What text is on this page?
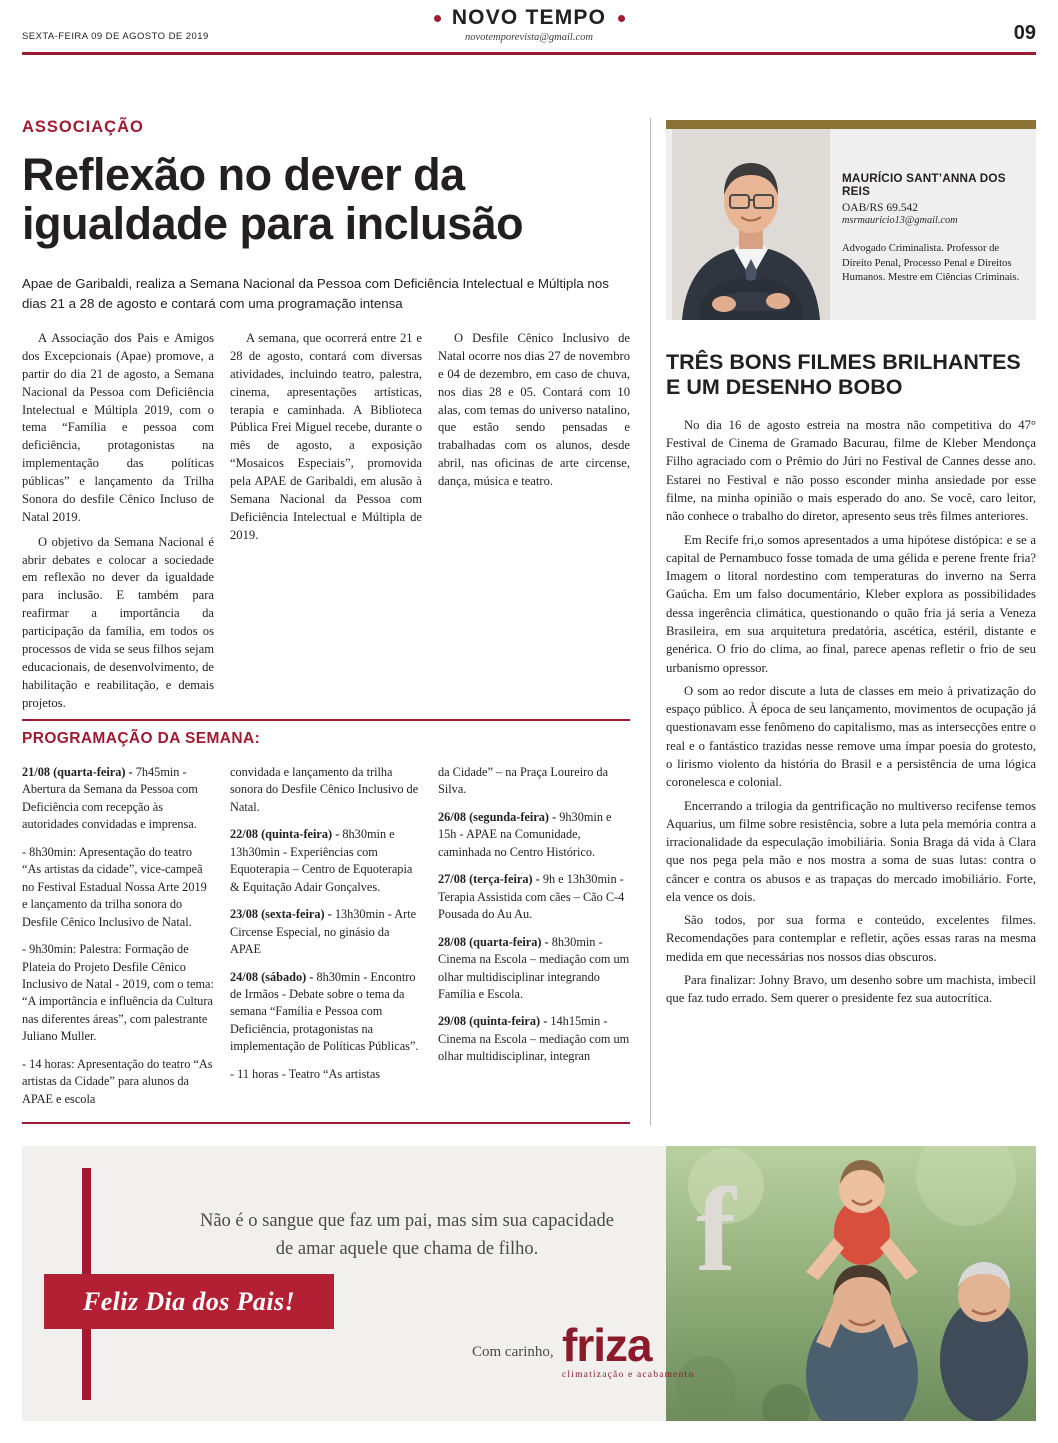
NOVO TEMPO
novotemporevista@gmail.com
SEXTA-FEIRA 09 DE AGOSTO DE 2019	09
ASSOCIAÇÃO
Reflexão no dever da igualdade para inclusão
Apae de Garibaldi, realiza a Semana Nacional da Pessoa com Deficiência Intelectual e Múltipla nos dias 21 a 28 de agosto e contará com uma programação intensa

A Associação dos Pais e Amigos dos Excepcionais (Apae) promove, a partir do dia 21 de agosto, a Semana Nacional da Pessoa com Deficiência Intelectual e Múltipla 2019, com o tema “Família e pessoa com deficiência, protagonistas na implementação das políticas públicas” e lançamento da Trilha Sonora do desfile Cênico Incluso de Natal 2019.

O objetivo da Semana Nacional é abrir debates e colocar a sociedade em reflexão no dever da igualdade para inclusão. E também para reafirmar a importância da participação da família, em todos os processos de vida se seus filhos sejam educacionais, de desenvolvimento, de habilitação e reabilitação, e demais projetos.

A semana, que ocorrerá entre 21 e 28 de agosto, contará com diversas atividades, incluindo teatro, palestra, cinema, apresentações artísticas, terapia e caminhada. A Biblioteca Pública Frei Miguel recebe, durante o mês de agosto, a exposição “Mosaicos Especiais”, promovida pela APAE de Garibaldi, em alusão à Semana Nacional da Pessoa com Deficiência Intelectual e Múltipla de 2019.

O Desfile Cênico Inclusivo de Natal ocorre nos dias 27 de novembro e 04 de dezembro, em caso de chuva, nos dias 28 e 05. Contará com 10 alas, com temas do universo natalino, que estão sendo pensadas e trabalhadas com os alunos, desde abril, nas oficinas de arte circense, dança, música e teatro.

PROGRAMAÇÃO DA SEMANA:

21/08 (quarta-feira) - 7h45min - Abertura da Semana da Pessoa com Deficiência com recepção às autoridades convidadas e imprensa.

- 8h30min: Apresentação do teatro “As artistas da cidade”, vice-campeã no Festival Estadual Nossa Arte 2019 e lançamento da trilha sonora do Desfile Cênico Inclusivo de Natal.

- 9h30min: Palestra: Formação de Plateia do Projeto Desfile Cênico Inclusivo de Natal - 2019, com o tema: “A importância e influência da Cultura nas diferentes áreas”, com palestrante Juliano Muller.

- 14 horas: Apresentação do teatro “As artistas da Cidade” para alunos da APAE e escola

convidada e lançamento da trilha sonora do Desfile Cênico Inclusivo de Natal.

22/08 (quinta-feira) - 8h30min e 13h30min - Experiências com Equoterapia – Centro de Equoterapia & Equitação Adair Gonçalves.

23/08 (sexta-feira) - 13h30min - Arte Circense Especial, no ginásio da APAE

24/08 (sábado) - 8h30min - Encontro de Irmãos - Debate sobre o tema da semana “Família e Pessoa com Deficiência, protagonistas na implementação de Políticas Públicas”.

- 11 horas - Teatro “As artistas

da Cidade” – na Praça Loureiro da Silva.

26/08 (segunda-feira) - 9h30min e 15h - APAE na Comunidade, caminhada no Centro Histórico.

27/08 (terça-feira) - 9h e 13h30min - Terapia Assistida com cães – Cão C-4 Pousada do Au Au.

28/08 (quarta-feira) - 8h30min - Cinema na Escola – mediação com um olhar multidisciplinar integrando Família e Escola.

29/08 (quinta-feira) - 14h15min - Cinema na Escola – mediação com um olhar multidisciplinar, integran

MAURÍCIO SANT’ANNA DOS REIS
OAB/RS 69.542
msrmauricio13@gmail.com
Advogado Criminalista. Professor de Direito Penal, Processo Penal e Direitos Humanos. Mestre em Ciências Criminais.
TRÊS BONS FILMES BRILHANTES E UM DESENHO BOBO

No dia 16 de agosto estreia na mostra não competitiva do 47° Festival de Cinema de Gramado Bacurau, filme de Kleber Mendonça Filho agraciado com o Prêmio do Júri no Festival de Cannes desse ano. Estarei no Festival e não posso esconder minha ansiedade por esse filme, na minha opinião o mais esperado do ano. Se você, caro leitor, não conhece o trabalho do diretor, apresento seus três filmes anteriores.

Em Recife fri,o somos apresentados a uma hipótese distópica: e se a capital de Pernambuco fosse tomada de uma gélida e perene frente fria? Imagem o litoral nordestino com temperaturas do inverno na Serra Gaúcha. Em um falso documentário, Kleber explora as possibilidades dessa ingerência climática, questionando o quão fria já seria a Veneza Brasileira, em sua arquitetura predatória, ascética, estéril, distante e genérica. O frio do clima, ao final, parece apenas refletir o frio de seu urbanismo opressor.

O som ao redor discute a luta de classes em meio à privatização do espaço público. À época de seu lançamento, movimentos de ocupação já questionavam esse fenômeno do capitalismo, mas as intersecções entre o real e o fantástico trazidas nesse remove uma ímpar poesia do grotesto, o lirismo violento da história do Brasil e a persistência de uma lógica coronelesca e colonial.

Encerrando a trilogia da gentrificação no multiverso recifense temos Aquarius, um filme sobre resistência, sobre a luta pela memória contra a irracionalidade da especulação imobiliária. Sonia Braga dá vida à Clara que nos pega pela mão e nos mostra a soma de suas lutas: contra o câncer e contra os abusos e as trapaças do mercado imobiliário. Forte, ela vence os dois.

São todos, por sua forma e conteúdo, excelentes filmes. Recomendações para contemplar e refletir, ações essas raras na mesma medida em que necessárias nos nossos dias obscuros.

Para finalizar: Johny Bravo, um desenho sobre um machista, imbecil que faz tudo errado. Sem querer o presidente fez sua autocrítica.

f
Não é o sangue que faz um pai, mas sim sua capacidade de amar aquele que chama de filho.
Feliz Dia dos Pais!
Com carinho, friza
climatização e acabamento
